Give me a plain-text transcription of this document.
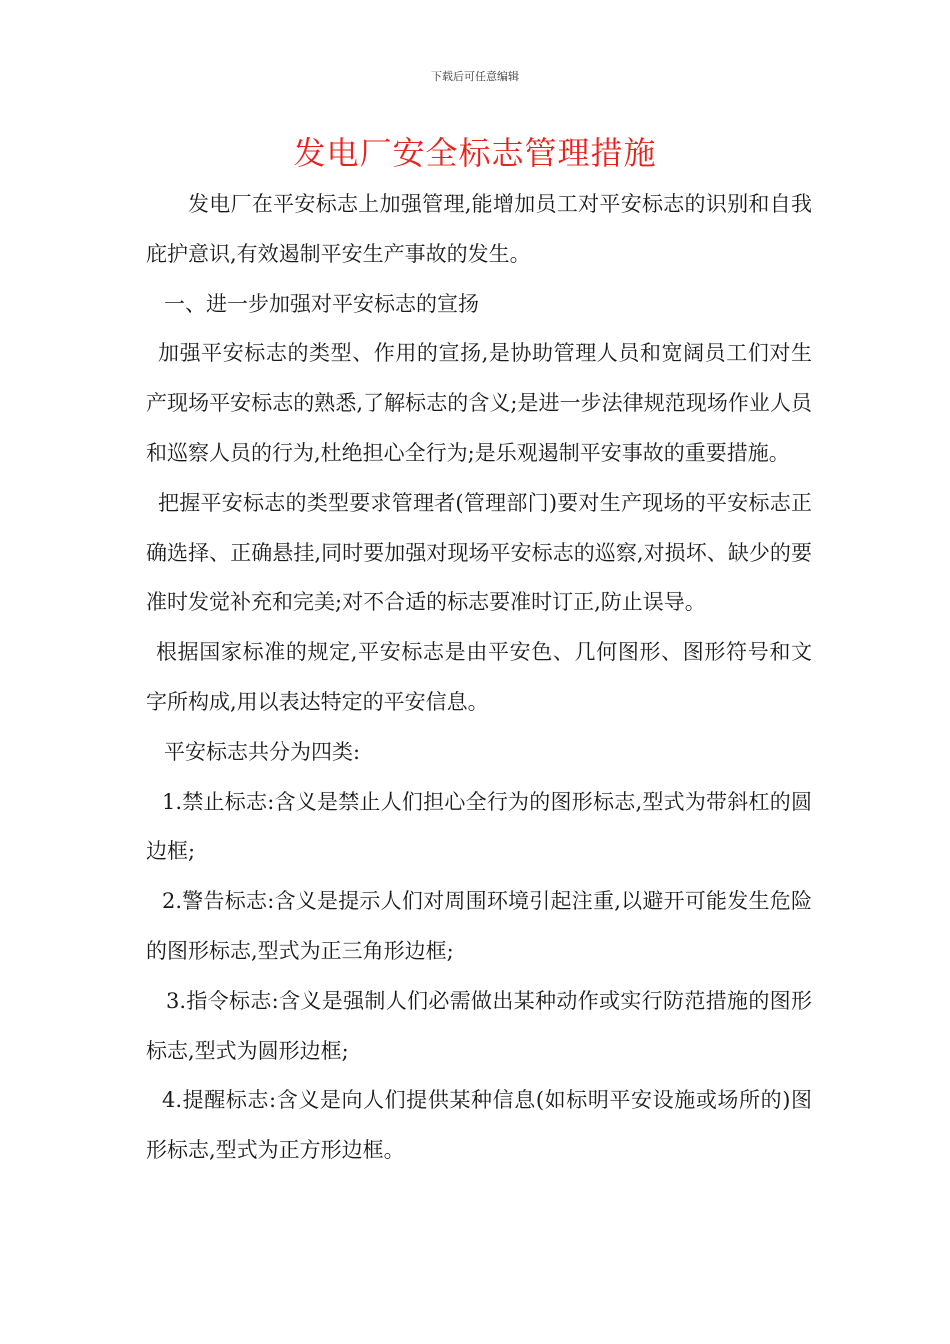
下载后可任意编辑
发电厂安全标志管理措施

发电厂在平安标志上加强管理,能增加员工对平安标志的识别和自我庇护意识,有效遏制平安生产事故的发生。

一、进一步加强对平安标志的宣扬

加强平安标志的类型、作用的宣扬,是协助管理人员和宽阔员工们对生产现场平安标志的熟悉,了解标志的含义;是进一步法律规范现场作业人员和巡察人员的行为,杜绝担心全行为;是乐观遏制平安事故的重要措施。

把握平安标志的类型要求管理者(管理部门)要对生产现场的平安标志正确选择、正确悬挂,同时要加强对现场平安标志的巡察,对损坏、缺少的要准时发觉补充和完美;对不合适的标志要准时订正,防止误导。

根据国家标准的规定,平安标志是由平安色、几何图形、图形符号和文字所构成,用以表达特定的平安信息。

平安标志共分为四类:

1.禁止标志:含义是禁止人们担心全行为的图形标志,型式为带斜杠的圆边框;

2.警告标志:含义是提示人们对周围环境引起注重,以避开可能发生危险的图形标志,型式为正三角形边框;

3.指令标志:含义是强制人们必需做出某种动作或实行防范措施的图形标志,型式为圆形边框;

4.提醒标志:含义是向人们提供某种信息(如标明平安设施或场所的)图形标志,型式为正方形边框。
